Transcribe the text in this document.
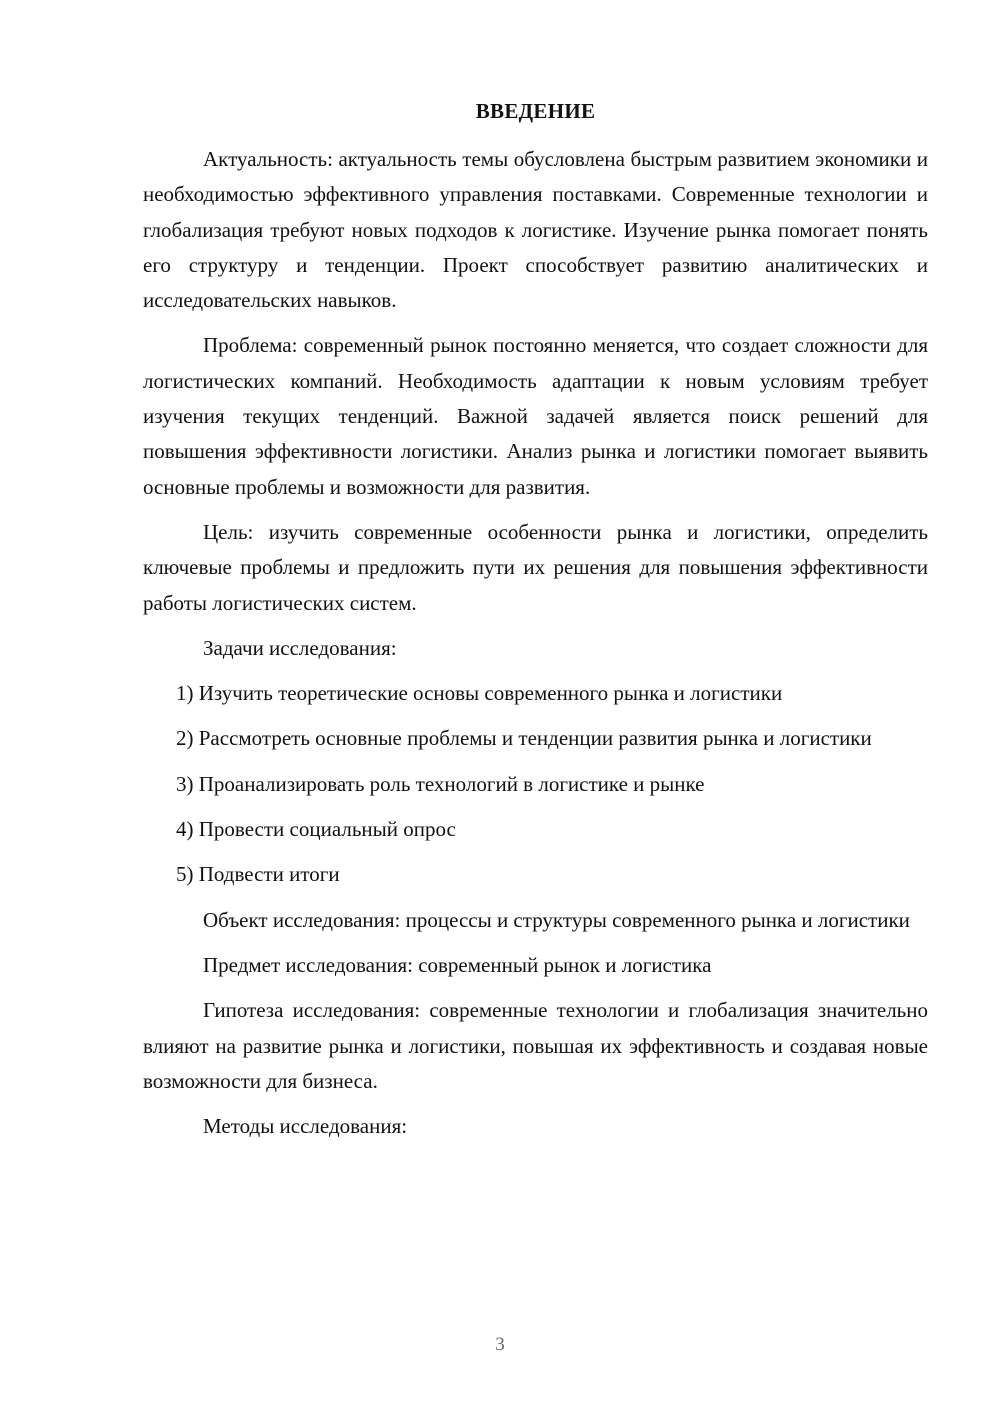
ВВЕДЕНИЕ

Актуальность: актуальность темы обусловлена быстрым развитием экономики и необходимостью эффективного управления поставками. Современные технологии и глобализация требуют новых подходов к логистике. Изучение рынка помогает понять его структуру и тенденции. Проект способствует развитию аналитических и исследовательских навыков.

Проблема: современный рынок постоянно меняется, что создает сложности для логистических компаний. Необходимость адаптации к новым условиям требует изучения текущих тенденций. Важной задачей является поиск решений для повышения эффективности логистики. Анализ рынка и логистики помогает выявить основные проблемы и возможности для развития.

Цель: изучить современные особенности рынка и логистики, определить ключевые проблемы и предложить пути их решения для повышения эффективности работы логистических систем.

Задачи исследования:

1) Изучить теоретические основы современного рынка и логистики

2) Рассмотреть основные проблемы и тенденции развития рынка и логистики

3) Проанализировать роль технологий в логистике и рынке

4) Провести социальный опрос

5) Подвести итоги

Объект исследования: процессы и структуры современного рынка и логистики

Предмет исследования: современный рынок и логистика

Гипотеза исследования: современные технологии и глобализация значительно влияют на развитие рынка и логистики, повышая их эффективность и создавая новые возможности для бизнеса.

Методы исследования:

3
